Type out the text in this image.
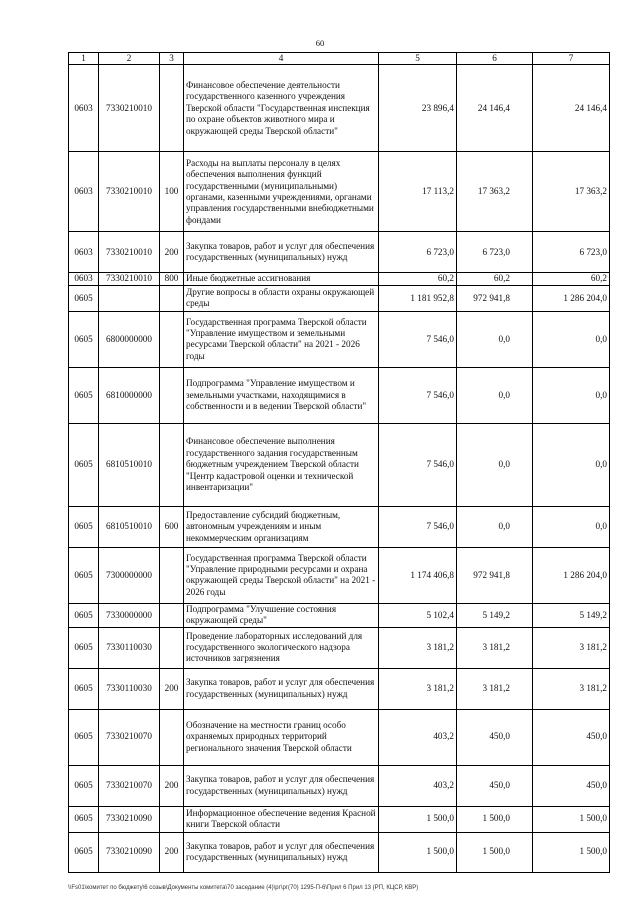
60
1	2	3	4	5	6	7
0603	7330210010		Финансовое обеспечение деятельности государственного казенного учреждения Тверской области "Государственная инспекция по охране объектов животного мира и окружающей среды Тверской области"	23 896,4	24 146,4	24 146,4
0603	7330210010	100	Расходы на выплаты персоналу в целях обеспечения выполнения функций государственными (муниципальными) органами, казенными учреждениями, органами управления государственными внебюджетными фондами	17 113,2	17 363,2	17 363,2
0603	7330210010	200	Закупка товаров, работ и услуг для обеспечения государственных (муниципальных) нужд	6 723,0	6 723,0	6 723,0
0603	7330210010	800	Иные бюджетные ассигнования	60,2	60,2	60,2
0605			Другие вопросы в области охраны окружающей среды	1 181 952,8	972 941,8	1 286 204,0
0605	6800000000		Государственная программа Тверской области "Управление имуществом и земельными ресурсами Тверской области" на 2021 - 2026 годы	7 546,0	0,0	0,0
0605	6810000000		Подпрограмма "Управление имуществом и земельными участками, находящимися в собственности и в ведении Тверской области"	7 546,0	0,0	0,0
0605	6810510010		Финансовое обеспечение выполнения государственного задания государственным бюджетным учреждением Тверской области "Центр кадастровой оценки и технической инвентаризации"	7 546,0	0,0	0,0
0605	6810510010	600	Предоставление субсидий бюджетным, автономным учреждениям и иным некоммерческим организациям	7 546,0	0,0	0,0
0605	7300000000		Государственная программа Тверской области "Управление природными ресурсами и охрана окружающей среды Тверской области" на 2021 - 2026 годы	1 174 406,8	972 941,8	1 286 204,0
0605	7330000000		Подпрограмма "Улучшение состояния окружающей среды"	5 102,4	5 149,2	5 149,2
0605	7330110030		Проведение лабораторных исследований для государственного экологического надзора источников загрязнения	3 181,2	3 181,2	3 181,2
0605	7330110030	200	Закупка товаров, работ и услуг для обеспечения государственных (муниципальных) нужд	3 181,2	3 181,2	3 181,2
0605	7330210070		Обозначение на местности границ особо охраняемых природных территорий регионального значения Тверской области	403,2	450,0	450,0
0605	7330210070	200	Закупка товаров, работ и услуг для обеспечения государственных (муниципальных) нужд	403,2	450,0	450,0
0605	7330210090		Информационное обеспечение ведения Красной книги Тверской области	1 500,0	1 500,0	1 500,0
0605	7330210090	200	Закупка товаров, работ и услуг для обеспечения государственных (муниципальных) нужд	1 500,0	1 500,0	1 500,0
\\Fs01\комитет по бюджету\6 созыв\Документы комитета\70 заседание (4)\рг\рг(70) 1295-П-6\Прил 6 Прил 13 (РП, КЦСР, КВР)
